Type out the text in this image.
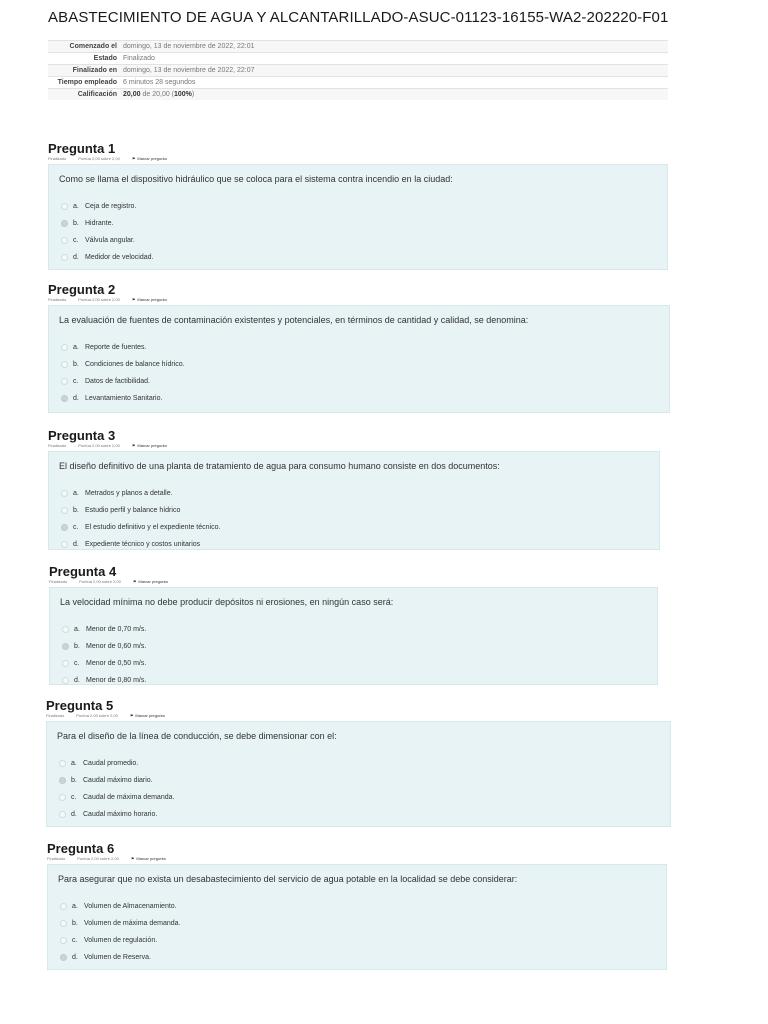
ABASTECIMIENTO DE AGUA Y ALCANTARILLADO-ASUC-01123-16155-WA2-202220-F01
Comenzado el	domingo, 13 de noviembre de 2022, 22:01
Estado	Finalizado
Finalizado en	domingo, 13 de noviembre de 2022, 22:07
Tiempo empleado	6 minutos 28 segundos
Calificación	20,00 de 20,00 (100%)
Pregunta 1
Finalizado	Puntúa 2,00 sobre 2,00	⚑ Marcar pregunta

Como se llama el dispositivo hidráulico que se coloca para el sistema contra incendio en la ciudad:

a. Ceja de registro.
b. Hidrante.
c. Válvula angular.
d. Medidor de velocidad.
Pregunta 2
Finalizado	Puntúa 2,00 sobre 2,00	⚑ Marcar pregunta

La evaluación de fuentes de contaminación existentes y potenciales, en términos de cantidad y calidad, se denomina:

a. Reporte de fuentes.
b. Condiciones de balance hídrico.
c. Datos de factibilidad.
d. Levantamiento Sanitario.
Pregunta 3
Finalizado	Puntúa 2,00 sobre 2,00	⚑ Marcar pregunta

El diseño definitivo de una planta de tratamiento de agua para consumo humano consiste en dos documentos:

a. Metrados y planos a detalle.
b. Estudio perfil y balance hídrico
c. El estudio definitivo y el expediente técnico.
d. Expediente técnico y costos unitarios
Pregunta 4
Finalizado	Puntúa 2,00 sobre 2,00	⚑ Marcar pregunta

La velocidad mínima no debe producir depósitos ni erosiones, en ningún caso será:

a. Menor de 0,70 m/s.
b. Menor de 0,60 m/s.
c. Menor de 0,50 m/s.
d. Menor de 0,80 m/s.
Pregunta 5
Finalizado	Puntúa 2,00 sobre 2,00	⚑ Marcar pregunta

Para el diseño de la línea de conducción, se debe dimensionar con el:

a. Caudal promedio.
b. Caudal máximo diario.
c. Caudal de máxima demanda.
d. Caudal máximo horario.
Pregunta 6
Finalizado	Puntúa 2,00 sobre 2,00	⚑ Marcar pregunta

Para asegurar que no exista un desabastecimiento del servicio de agua potable en la localidad se debe considerar:

a. Volumen de Almacenamiento.
b. Volumen de máxima demanda.
c. Volumen de regulación.
d. Volumen de Reserva.
